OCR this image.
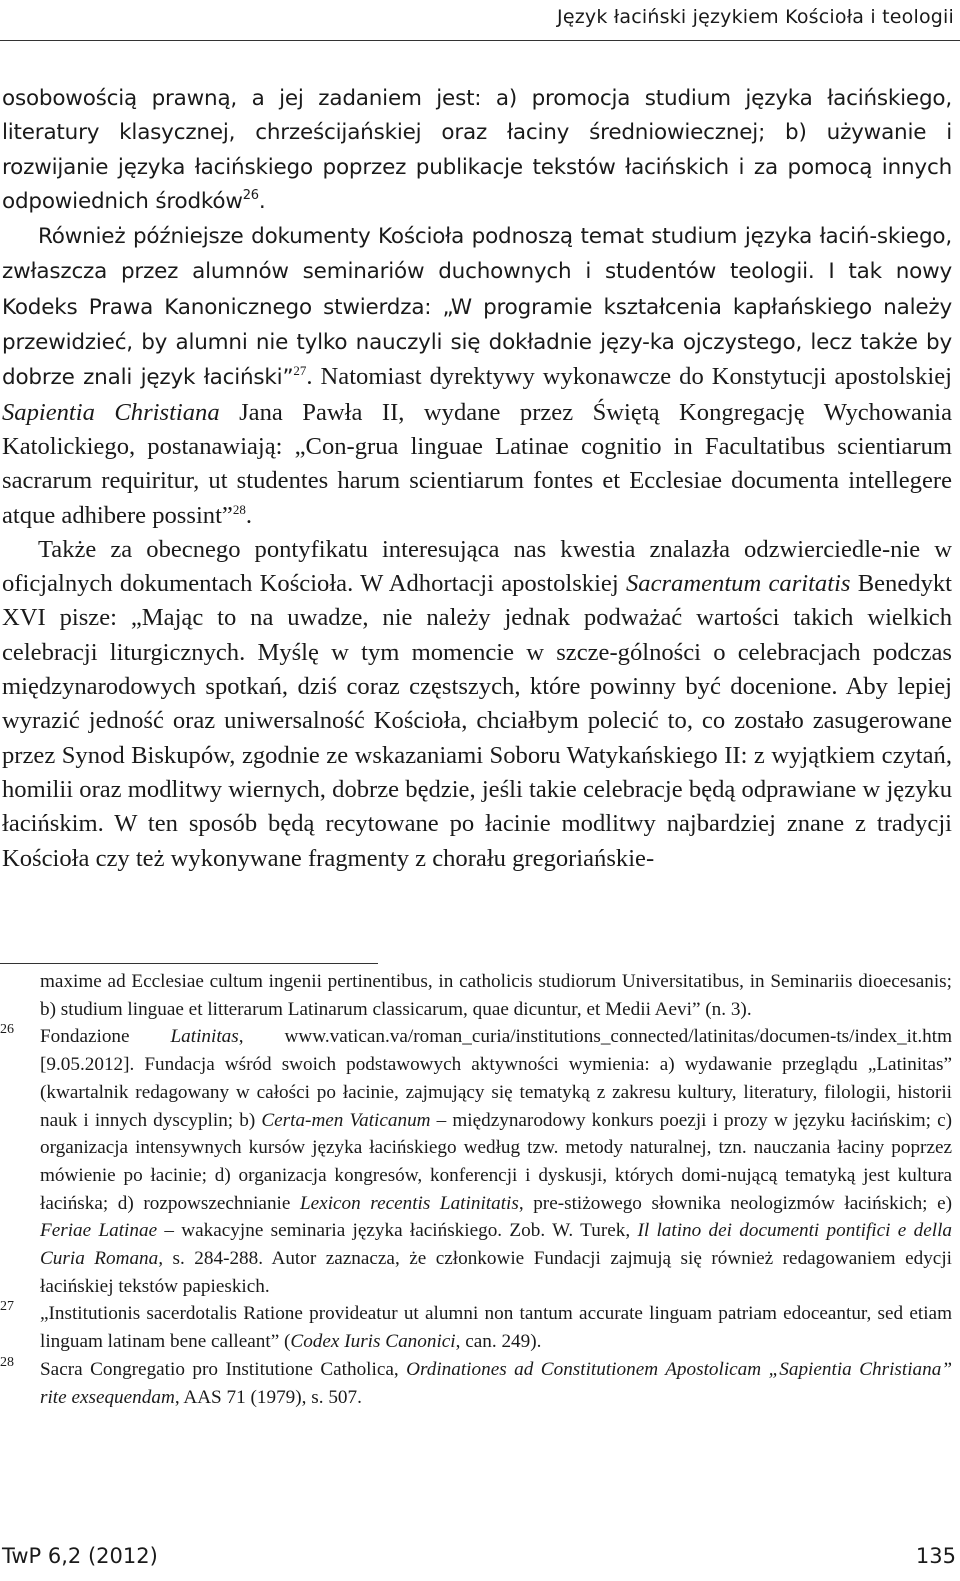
Język łaciński językiem Kościoła i teologii

osobowością prawną, a jej zadaniem jest: a) promocja studium języka łacińskiego, literatury klasycznej, chrześcijańskiej oraz łaciny średniowiecznej; b) używanie i rozwijanie języka łacińskiego poprzez publikacje tekstów łacińskich i za pomocą innych odpowiednich środków$^{26}$.

Również późniejsze dokumenty Kościoła podnoszą temat studium języka łaciń-skiego, zwłaszcza przez alumnów seminariów duchownych i studentów teologii. I tak nowy Kodeks Prawa Kanonicznego stwierdza: „W programie kształcenia kapłańskiego należy przewidzieć, by alumni nie tylko nauczyli się dokładnie języ-ka ojczystego, lecz także by dobrze znali język łaciński”$^{27}$. Natomiast dyrektywy wykonawcze do Konstytucji apostolskiej Sapientia Christiana Jana Pawła II, wydane przez Świętą Kongregację Wychowania Katolickiego, postanawiają: „Con-grua linguae Latinae cognitio in Facultatibus scientiarum sacrarum requiritur, ut studentes harum scientiarum fontes et Ecclesiae documenta intellegere atque adhibere possint”$^{28}$.

Także za obecnego pontyfikatu interesująca nas kwestia znalazła odzwierciedle-nie w oficjalnych dokumentach Kościoła. W Adhortacji apostolskiej Sacramentum caritatis Benedykt XVI pisze: „Mając to na uwadze, nie należy jednak podważać wartości takich wielkich celebracji liturgicznych. Myślę w tym momencie w szcze-gólności o celebracjach podczas międzynarodowych spotkań, dziś coraz częstszych, które powinny być docenione. Aby lepiej wyrazić jedność oraz uniwersalność Kościoła, chciałbym polecić to, co zostało zasugerowane przez Synod Biskupów, zgodnie ze wskazaniami Soboru Watykańskiego II: z wyjątkiem czytań, homilii oraz modlitwy wiernych, dobrze będzie, jeśli takie celebracje będą odprawiane w języku łacińskim. W ten sposób będą recytowane po łacinie modlitwy najbardziej znane z tradycji Kościoła czy też wykonywane fragmenty z chorału gregoriańskie-

maxime ad Ecclesiae cultum ingenii pertinentibus, in catholicis studiorum Universitatibus, in Seminariis dioecesanis; b) studium linguae et litterarum Latinarum classicarum, quae dicuntur, et Medii Aevi” (n. 3).

26 Fondazione Latinitas, www.vatican.va/roman_curia/institutions_connected/latinitas/documen-ts/index_it.htm [9.05.2012]. Fundacja wśród swoich podstawowych aktywności wymienia: a) wydawanie przeglądu „Latinitas” (kwartalnik redagowany w całości po łacinie, zajmujący się tematyką z zakresu kultury, literatury, filologii, historii nauk i innych dyscyplin; b) Certa-men Vaticanum – międzynarodowy konkurs poezji i prozy w języku łacińskim; c) organizacja intensywnych kursów języka łacińskiego według tzw. metody naturalnej, tzn. nauczania łaciny poprzez mówienie po łacinie; d) organizacja kongresów, konferencji i dyskusji, których domi-nującą tematyką jest kultura łacińska; d) rozpowszechnianie Lexicon recentis Latinitatis, pre-stiżowego słownika neologizmów łacińskich; e) Feriae Latinae – wakacyjne seminaria języka łacińskiego. Zob. W. Turek, Il latino dei documenti pontifici e della Curia Romana, s. 284-288. Autor zaznacza, że członkowie Fundacji zajmują się również redagowaniem edycji łacińskiej tekstów papieskich.

27 „Institutionis sacerdotalis Ratione provideatur ut alumni non tantum accurate linguam patriam edoceantur, sed etiam linguam latinam bene calleant” (Codex Iuris Canonici, can. 249).

28 Sacra Congregatio pro Institutione Catholica, Ordinationes ad Constitutionem Apostolicam „Sapientia Christiana” rite exsequendam, AAS 71 (1979), s. 507.

TwP 6,2 (2012)	135
